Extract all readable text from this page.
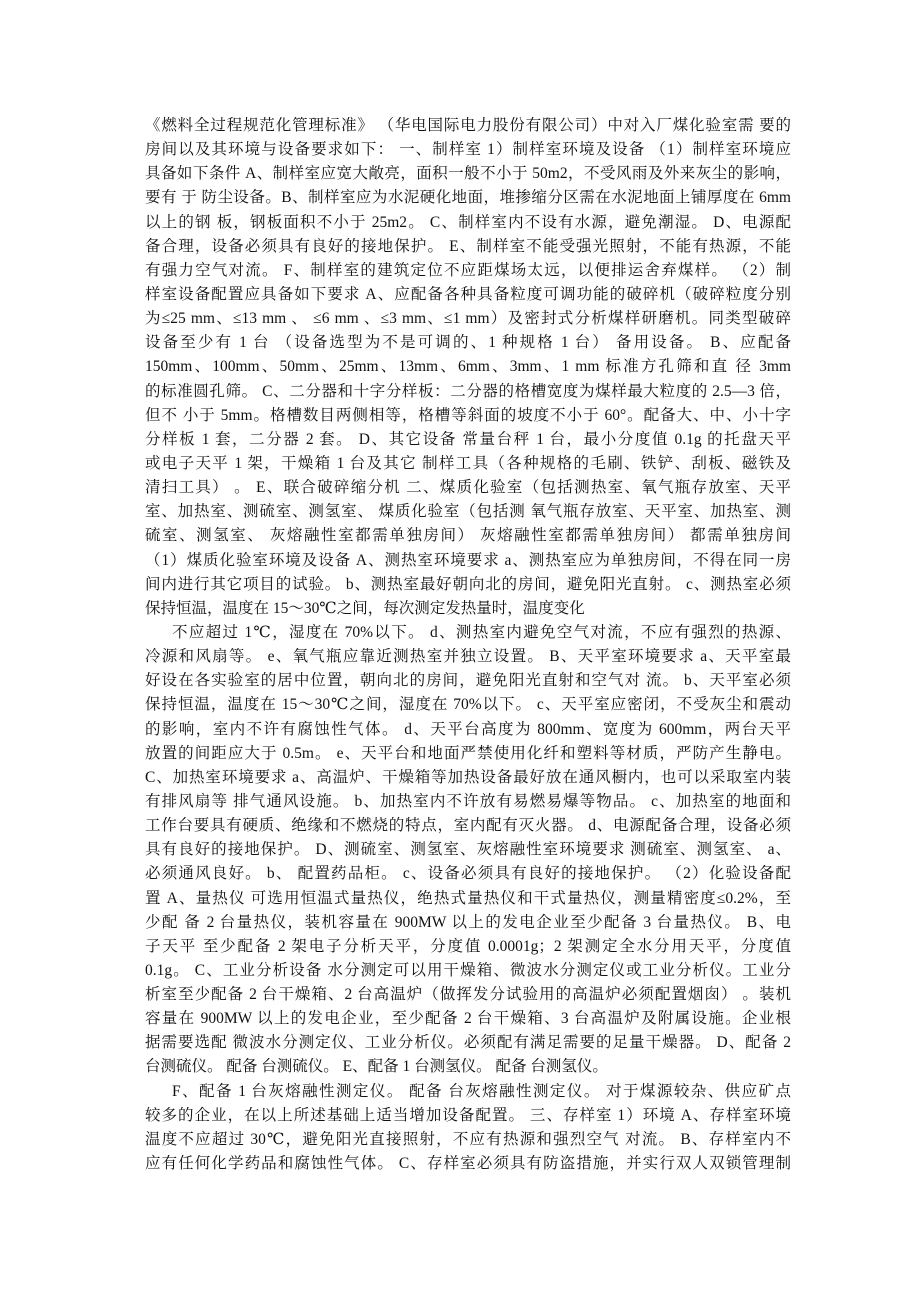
《燃料全过程规范化管理标准》 （华电国际电力股份有限公司）中对入厂煤化验室需 要的
房间以及其环境与设备要求如下： 一、制样室 1）制样室环境及设备 （1）制样室环境应
具备如下条件 A、制样室应宽大敞亮，面积一般不小于 50m2，不受风雨及外来灰尘的影响，
要有 于 防尘设备。B、制样室应为水泥硬化地面，堆掺缩分区需在水泥地面上铺厚度在 6mm
以上的钢 板，钢板面积不小于 25m2。 C、制样室内不设有水源，避免潮湿。 D、电源配
备合理，设备必须具有良好的接地保护。 E、制样室不能受强光照射，不能有热源，不能
有强力空气对流。 F、制样室的建筑定位不应距煤场太远，以便排运舍弃煤样。 （2）制
样室设备配置应具备如下要求 A、应配备各种具备粒度可调功能的破碎机（破碎粒度分别
为≤25 mm、≤13 mm 、 ≤6 mm 、≤3 mm、≤1 mm）及密封式分析煤样研磨机。同类型破碎
设备至少有 1 台 （设备选型为不是可调的、1 种规格 1 台） 备用设备。 B、应配备
150mm、100mm、50mm、25mm、13mm、6mm、3mm、1 mm 标准方孔筛和直 径 3mm
的标准圆孔筛。 C、二分器和十字分样板：二分器的格槽宽度为煤样最大粒度的 2.5—3 倍，
但不 小于 5mm。格槽数目两侧相等，格槽等斜面的坡度不小于 60°。配备大、中、小十字
分样板 1 套，二分器 2 套。 D、其它设备 常量台秤 1 台，最小分度值 0.1g 的托盘天平
或电子天平 1 架，干燥箱 1 台及其它 制样工具（各种规格的毛刷、铁铲、刮板、磁铁及
清扫工具） 。 E、联合破碎缩分机 二、煤质化验室（包括测热室、氧气瓶存放室、天平
室、加热室、测硫室、测氢室、 煤质化验室（包括测 氧气瓶存放室、天平室、加热室、测
硫室、测氢室、 灰熔融性室都需单独房间） 灰熔融性室都需单独房间） 都需单独房间
（1）煤质化验室环境及设备 A、测热室环境要求 a、测热室应为单独房间，不得在同一房
间内进行其它项目的试验。 b、测热室最好朝向北的房间，避免阳光直射。 c、测热室必须
保持恒温，温度在 15～30℃之间，每次测定发热量时，温度变化
不应超过 1℃，湿度在 70%以下。 d、测热室内避免空气对流，不应有强烈的热源、
冷源和风扇等。 e、氧气瓶应靠近测热室并独立设置。 B、天平室环境要求 a、天平室最
好设在各实验室的居中位置，朝向北的房间，避免阳光直射和空气对 流。 b、天平室必须
保持恒温，温度在 15～30℃之间，湿度在 70%以下。 c、天平室应密闭，不受灰尘和震动
的影响，室内不许有腐蚀性气体。 d、天平台高度为 800mm、宽度为 600mm，两台天平
放置的间距应大于 0.5m。 e、天平台和地面严禁使用化纤和塑料等材质，严防产生静电。
C、加热室环境要求 a、高温炉、干燥箱等加热设备最好放在通风橱内，也可以采取室内装
有排风扇等 排气通风设施。 b、加热室内不许放有易燃易爆等物品。 c、加热室的地面和
工作台要具有硬质、绝缘和不燃烧的特点，室内配有灭火器。 d、电源配备合理，设备必须
具有良好的接地保护。 D、测硫室、测氢室、灰熔融性室环境要求 测硫室、测氢室、 a、
必须通风良好。 b、 配置药品柜。 c、设备必须具有良好的接地保护。 （2）化验设备配
置 A、量热仪 可选用恒温式量热仪，绝热式量热仪和干式量热仪，测量精密度≤0.2%，至
少配 备 2 台量热仪，装机容量在 900MW 以上的发电企业至少配备 3 台量热仪。 B、电
子天平 至少配备 2 架电子分析天平，分度值 0.0001g；2 架测定全水分用天平，分度值
0.1g。 C、工业分析设备 水分测定可以用干燥箱、微波水分测定仪或工业分析仪。工业分
析室至少配备 2 台干燥箱、2 台高温炉（做挥发分试验用的高温炉必须配置烟囱） 。装机
容量在 900MW 以上的发电企业，至少配备 2 台干燥箱、3 台高温炉及附属设施。企业根
据需要选配 微波水分测定仪、工业分析仪。必须配有满足需要的足量干燥器。 D、配备 2
台测硫仪。 配备 台测硫仪。 E、配备 1 台测氢仪。 配备 台测氢仪。
F、配备 1 台灰熔融性测定仪。 配备 台灰熔融性测定仪。 对于煤源较杂、供应矿点
较多的企业，在以上所述基础上适当增加设备配置。 三、存样室 1）环境 A、存样室环境
温度不应超过 30℃，避免阳光直接照射，不应有热源和强烈空气 对流。 B、存样室内不
应有任何化学药品和腐蚀性气体。 C、存样室必须具有防盗措施，并实行双人双锁管理制
